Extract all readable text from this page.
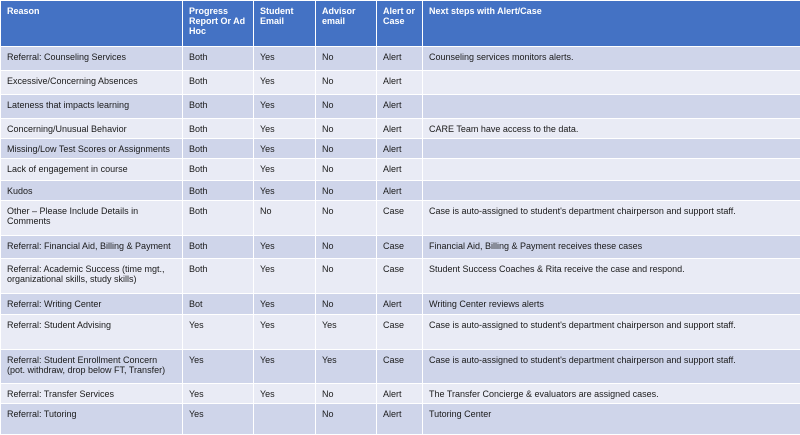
Reason	Progress Report Or Ad Hoc	Student Email	Advisor email	Alert or Case	Next steps with Alert/Case
Referral: Counseling Services	Both	Yes	No	Alert	Counseling services monitors alerts.
Excessive/Concerning Absences	Both	Yes	No	Alert	
Lateness that impacts learning	Both	Yes	No	Alert	
Concerning/Unusual Behavior	Both	Yes	No	Alert	CARE Team have access to the data.
Missing/Low Test Scores or Assignments	Both	Yes	No	Alert	
Lack of engagement in course	Both	Yes	No	Alert	
Kudos	Both	Yes	No	Alert	
Other – Please Include Details in Comments	Both	No	No	Case	Case is auto-assigned to student's department chairperson and support staff.
Referral: Financial Aid, Billing & Payment	Both	Yes	No	Case	Financial Aid, Billing & Payment receives these cases
Referral: Academic Success (time mgt., organizational skills, study skills)	Both	Yes	No	Case	Student Success Coaches & Rita receive the case and respond.
Referral: Writing Center	Bot	Yes	No	Alert	Writing Center reviews alerts
Referral: Student Advising	Yes	Yes	Yes	Case	Case is auto-assigned to student's department chairperson and support staff.
Referral: Student Enrollment Concern (pot. withdraw, drop below FT, Transfer)	Yes	Yes	Yes	Case	Case is auto-assigned to student's department chairperson and support staff.
Referral: Transfer Services	Yes	Yes	No	Alert	The Transfer Concierge & evaluators are assigned cases.
Referral: Tutoring	Yes		No	Alert	Tutoring Center
